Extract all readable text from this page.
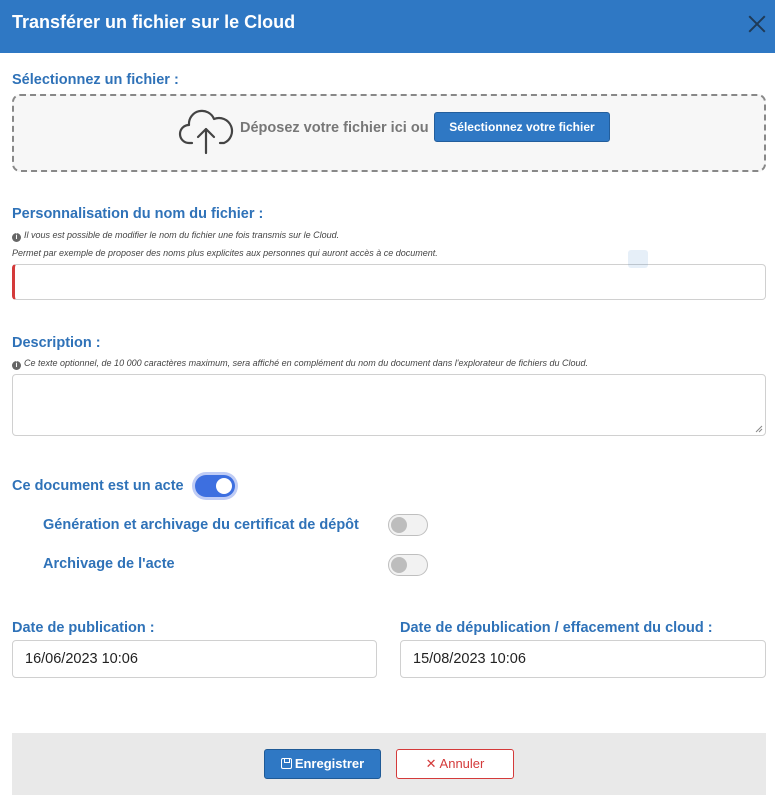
Transférer un fichier sur le Cloud
Sélectionnez un fichier :
Déposez votre fichier ici ou	Sélectionnez votre fichier
Personnalisation du nom du fichier :
i Il vous est possible de modifier le nom du fichier une fois transmis sur le Cloud.
Permet par exemple de proposer des noms plus explicites aux personnes qui auront accès à ce document.
Description :
i Ce texte optionnel, de 10 000 caractères maximum, sera affiché en complément du nom du document dans l'explorateur de fichiers du Cloud.
Ce document est un acte
Génération et archivage du certificat de dépôt
Archivage de l'acte
Date de publication :
16/06/2023 10:06
Date de dépublication / effacement du cloud :
15/08/2023 10:06
Enregistrer	✕ Annuler
